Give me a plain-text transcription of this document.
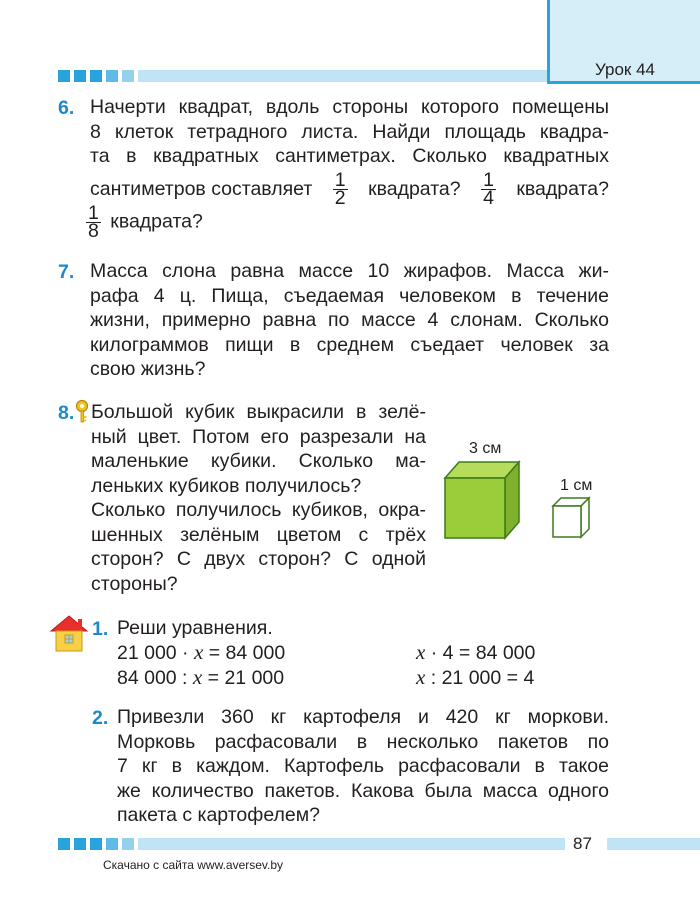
Урок 44
6. Начерти квадрат, вдоль стороны которого помещены
8 клеток тетрадного листа. Найди площадь квадра-
та в квадратных сантиметрах. Сколько квадратных
сантиметров составляет $\frac{1}{2}$ квадрата? $\frac{1}{4}$ квадрата?
$\frac{1}{8}$ квадрата?
7. Масса слона равна массе 10 жирафов. Масса жи-
рафа 4 ц. Пища, съедаемая человеком в течение
жизни, примерно равна по массе 4 слонам. Сколько
килограммов пищи в среднем съедает человек за
свою жизнь?
8. Большой кубик выкрасили в зелё-
ный цвет. Потом его разрезали на
маленькие кубики. Сколько ма-
леньких кубиков получилось?
Сколько получилось кубиков, окра-
шенных зелёным цветом с трёх
сторон? С двух сторон? С одной
стороны?
3 см
1 см
1. Реши уравнения.
21 000 · x = 84 000	x · 4 = 84 000
84 000 : x = 21 000	x : 21 000 = 4
2. Привезли 360 кг картофеля и 420 кг моркови.
Морковь расфасовали в несколько пакетов по
7 кг в каждом. Картофель расфасовали в такое
же количество пакетов. Какова была масса одного
пакета с картофелем?
87
Скачано с сайта www.aversev.by
